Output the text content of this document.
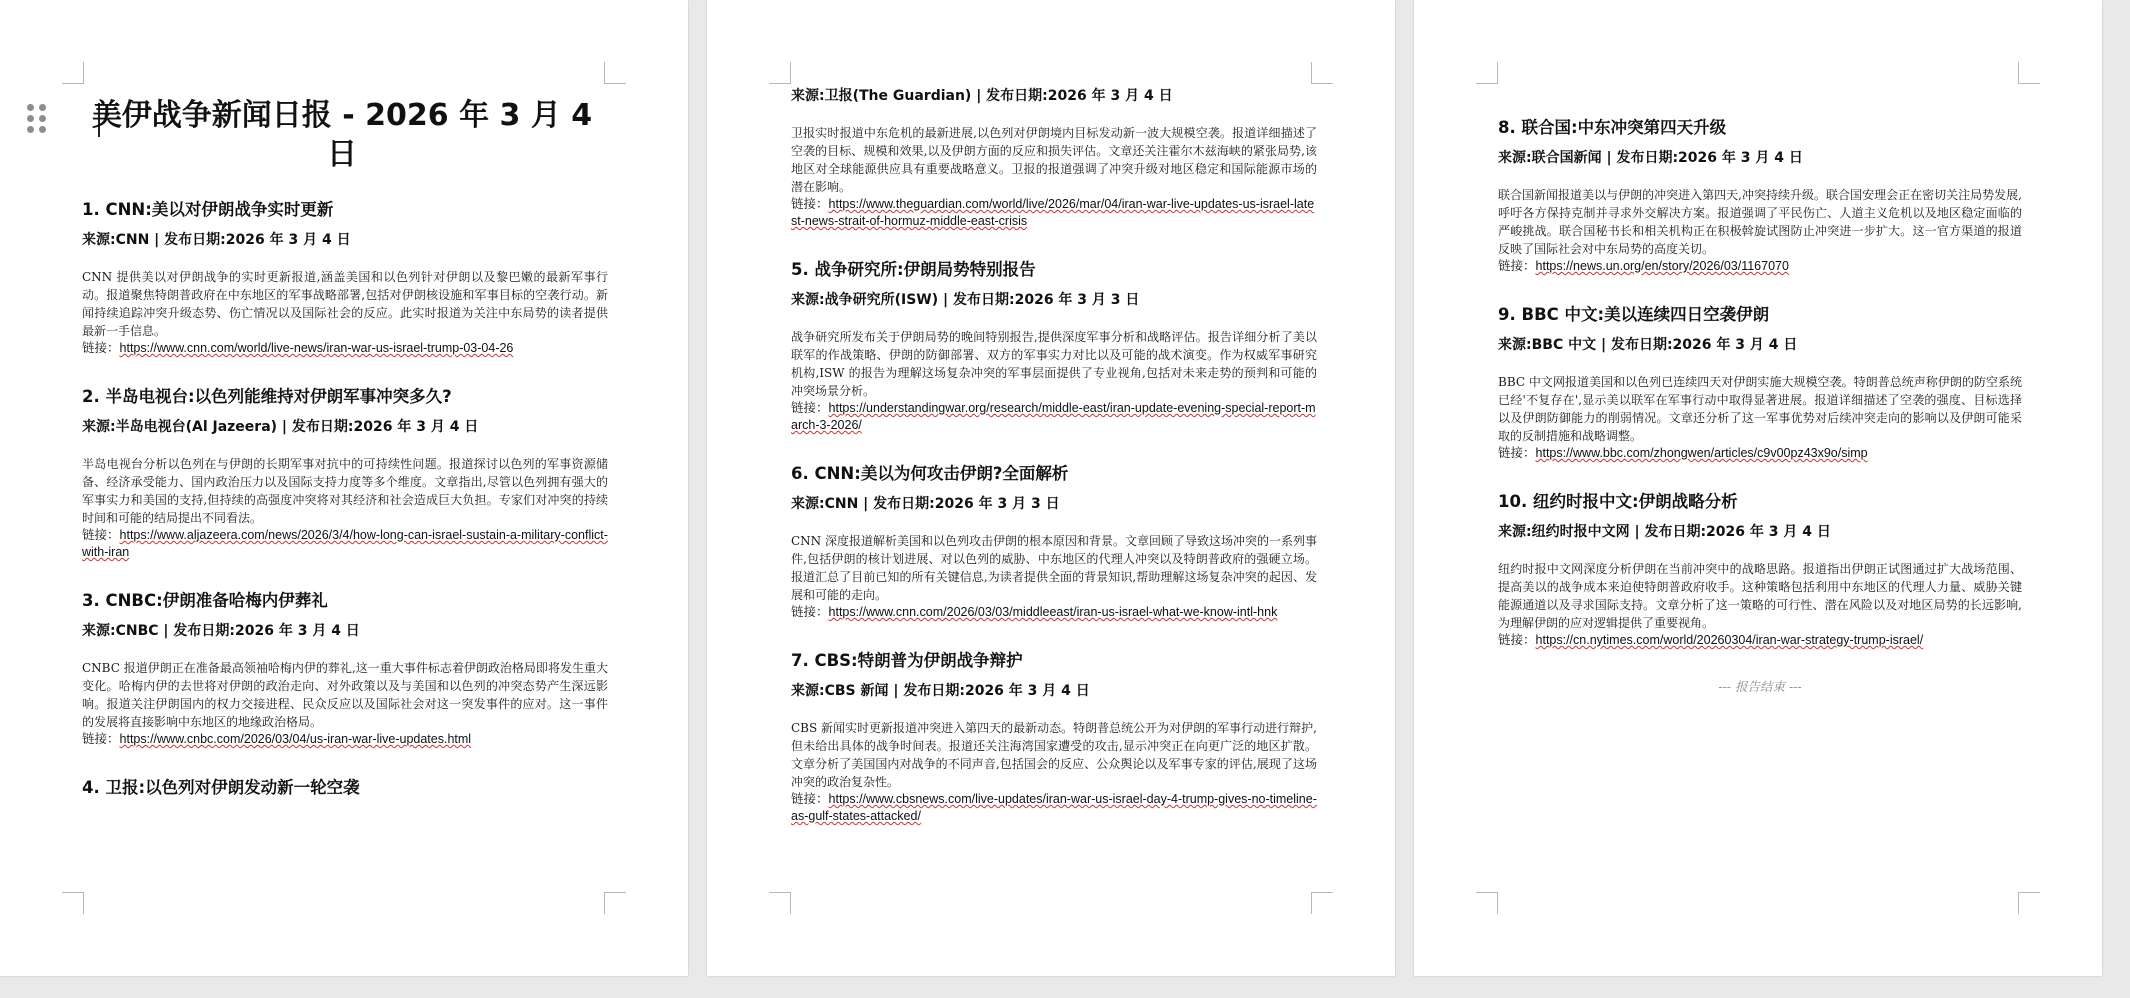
美伊战争新闻日报 - 2026 年 3 月 4 日
1. CNN:美以对伊朗战争实时更新
来源:CNN | 发布日期:2026 年 3 月 4 日
CNN 提供美以对伊朗战争的实时更新报道,涵盖美国和以色列针对伊朗以及黎巴嫩的最新军事行动。报道聚焦特朗普政府在中东地区的军事战略部署,包括对伊朗核设施和军事目标的空袭行动。新闻持续追踪冲突升级态势、伤亡情况以及国际社会的反应。此实时报道为关注中东局势的读者提供最新一手信息。
链接：https://www.cnn.com/world/live-news/iran-war-us-israel-trump-03-04-26
2. 半岛电视台:以色列能维持对伊朗军事冲突多久?
来源:半岛电视台(Al Jazeera) | 发布日期:2026 年 3 月 4 日
半岛电视台分析以色列在与伊朗的长期军事对抗中的可持续性问题。报道探讨以色列的军事资源储备、经济承受能力、国内政治压力以及国际支持力度等多个维度。文章指出,尽管以色列拥有强大的军事实力和美国的支持,但持续的高强度冲突将对其经济和社会造成巨大负担。专家们对冲突的持续时间和可能的结局提出不同看法。
链接：https://www.aljazeera.com/news/2026/3/4/how-long-can-israel-sustain-a-military-conflict-with-iran
3. CNBC:伊朗准备哈梅内伊葬礼
来源:CNBC | 发布日期:2026 年 3 月 4 日
CNBC 报道伊朗正在准备最高领袖哈梅内伊的葬礼,这一重大事件标志着伊朗政治格局即将发生重大变化。哈梅内伊的去世将对伊朗的政治走向、对外政策以及与美国和以色列的冲突态势产生深远影响。报道关注伊朗国内的权力交接进程、民众反应以及国际社会对这一突发事件的应对。这一事件的发展将直接影响中东地区的地缘政治格局。
链接：https://www.cnbc.com/2026/03/04/us-iran-war-live-updates.html
4. 卫报:以色列对伊朗发动新一轮空袭
来源:卫报(The Guardian) | 发布日期:2026 年 3 月 4 日
卫报实时报道中东危机的最新进展,以色列对伊朗境内目标发动新一波大规模空袭。报道详细描述了空袭的目标、规模和效果,以及伊朗方面的反应和损失评估。文章还关注霍尔木兹海峡的紧张局势,该地区对全球能源供应具有重要战略意义。卫报的报道强调了冲突升级对地区稳定和国际能源市场的潜在影响。
链接：https://www.theguardian.com/world/live/2026/mar/04/iran-war-live-updates-us-israel-latest-news-strait-of-hormuz-middle-east-crisis
5. 战争研究所:伊朗局势特别报告
来源:战争研究所(ISW) | 发布日期:2026 年 3 月 3 日
战争研究所发布关于伊朗局势的晚间特别报告,提供深度军事分析和战略评估。报告详细分析了美以联军的作战策略、伊朗的防御部署、双方的军事实力对比以及可能的战术演变。作为权威军事研究机构,ISW 的报告为理解这场复杂冲突的军事层面提供了专业视角,包括对未来走势的预判和可能的冲突场景分析。
链接：https://understandingwar.org/research/middle-east/iran-update-evening-special-report-march-3-2026/
6. CNN:美以为何攻击伊朗?全面解析
来源:CNN | 发布日期:2026 年 3 月 3 日
CNN 深度报道解析美国和以色列攻击伊朗的根本原因和背景。文章回顾了导致这场冲突的一系列事件,包括伊朗的核计划进展、对以色列的威胁、中东地区的代理人冲突以及特朗普政府的强硬立场。报道汇总了目前已知的所有关键信息,为读者提供全面的背景知识,帮助理解这场复杂冲突的起因、发展和可能的走向。
链接：https://www.cnn.com/2026/03/03/middleeast/iran-us-israel-what-we-know-intl-hnk
7. CBS:特朗普为伊朗战争辩护
来源:CBS 新闻 | 发布日期:2026 年 3 月 4 日
CBS 新闻实时更新报道冲突进入第四天的最新动态。特朗普总统公开为对伊朗的军事行动进行辩护,但未给出具体的战争时间表。报道还关注海湾国家遭受的攻击,显示冲突正在向更广泛的地区扩散。文章分析了美国国内对战争的不同声音,包括国会的反应、公众舆论以及军事专家的评估,展现了这场冲突的政治复杂性。
链接：https://www.cbsnews.com/live-updates/iran-war-us-israel-day-4-trump-gives-no-timeline-as-gulf-states-attacked/
8. 联合国:中东冲突第四天升级
来源:联合国新闻 | 发布日期:2026 年 3 月 4 日
联合国新闻报道美以与伊朗的冲突进入第四天,冲突持续升级。联合国安理会正在密切关注局势发展,呼吁各方保持克制并寻求外交解决方案。报道强调了平民伤亡、人道主义危机以及地区稳定面临的严峻挑战。联合国秘书长和相关机构正在积极斡旋试图防止冲突进一步扩大。这一官方渠道的报道反映了国际社会对中东局势的高度关切。
链接：https://news.un.org/en/story/2026/03/1167070
9. BBC 中文:美以连续四日空袭伊朗
来源:BBC 中文 | 发布日期:2026 年 3 月 4 日
BBC 中文网报道美国和以色列已连续四天对伊朗实施大规模空袭。特朗普总统声称伊朗的防空系统已经'不复存在',显示美以联军在军事行动中取得显著进展。报道详细描述了空袭的强度、目标选择以及伊朗防御能力的削弱情况。文章还分析了这一军事优势对后续冲突走向的影响以及伊朗可能采取的反制措施和战略调整。
链接：https://www.bbc.com/zhongwen/articles/c9v00pz43x9o/simp
10. 纽约时报中文:伊朗战略分析
来源:纽约时报中文网 | 发布日期:2026 年 3 月 4 日
纽约时报中文网深度分析伊朗在当前冲突中的战略思路。报道指出伊朗正试图通过扩大战场范围、提高美以的战争成本来迫使特朗普政府收手。这种策略包括利用中东地区的代理人力量、威胁关键能源通道以及寻求国际支持。文章分析了这一策略的可行性、潜在风险以及对地区局势的长远影响,为理解伊朗的应对逻辑提供了重要视角。
链接：https://cn.nytimes.com/world/20260304/iran-war-strategy-trump-israel/
--- 报告结束 ---
